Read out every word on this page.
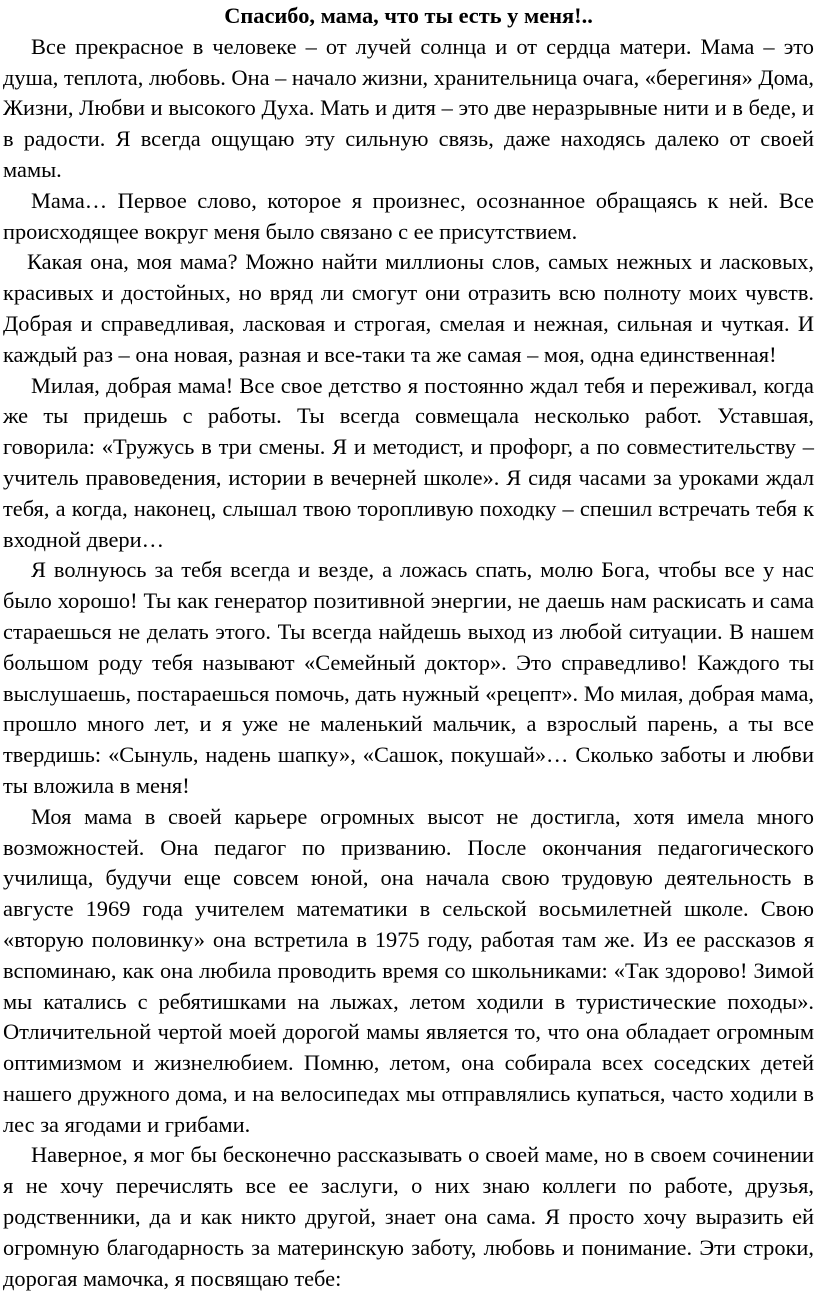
Спасибо, мама, что ты есть у меня!..

Все прекрасное в человеке – от лучей солнца и от сердца матери. Мама – это душа, теплота, любовь. Она – начало жизни, хранительница очага, «берегиня» Дома, Жизни, Любви и высокого Духа. Мать и дитя – это две неразрывные нити и в беде, и в радости. Я всегда ощущаю эту сильную связь, даже находясь далеко от своей мамы.

Мама… Первое слово, которое я произнес, осознанное обращаясь к ней. Все происходящее вокруг меня было связано с ее присутствием.

Какая она, моя мама? Можно найти миллионы слов, самых нежных и ласковых, красивых и достойных, но вряд ли смогут они отразить всю полноту моих чувств. Добрая и справедливая, ласковая и строгая, смелая и нежная, сильная и чуткая. И каждый раз – она новая, разная и все-таки та же самая – моя, одна единственная!

Милая, добрая мама! Все свое детство я постоянно ждал тебя и переживал, когда же ты придешь с работы. Ты всегда совмещала несколько работ. Уставшая, говорила: «Тружусь в три смены. Я и методист, и профорг, а по совместительству – учитель правоведения, истории в вечерней школе». Я сидя часами за уроками ждал тебя, а когда, наконец, слышал твою торопливую походку – спешил встречать тебя к входной двери…

Я волнуюсь за тебя всегда и везде, а ложась спать, молю Бога, чтобы все у нас было хорошо! Ты как генератор позитивной энергии, не даешь нам раскисать и сама стараешься не делать этого. Ты всегда найдешь выход из любой ситуации. В нашем большом роду тебя называют «Семейный доктор». Это справедливо! Каждого ты выслушаешь, постараешься помочь, дать нужный «рецепт». Мо милая, добрая мама, прошло много лет, и я уже не маленький мальчик, а взрослый парень, а ты все твердишь: «Сынуль, надень шапку», «Сашок, покушай»… Сколько заботы и любви ты вложила в меня!

Моя мама в своей карьере огромных высот не достигла, хотя имела много возможностей. Она педагог по призванию. После окончания педагогического училища, будучи еще совсем юной, она начала свою трудовую деятельность в августе 1969 года учителем математики в сельской восьмилетней школе. Свою «вторую половинку» она встретила в 1975 году, работая там же. Из ее рассказов я вспоминаю, как она любила проводить время со школьниками: «Так здорово! Зимой мы катались с ребятишками на лыжах, летом ходили в туристические походы». Отличительной чертой моей дорогой мамы является то, что она обладает огромным оптимизмом и жизнелюбием. Помню, летом, она собирала всех соседских детей нашего дружного дома, и на велосипедах мы отправлялись купаться, часто ходили в лес за ягодами и грибами.

Наверное, я мог бы бесконечно рассказывать о своей маме, но в своем сочинении я не хочу перечислять все ее заслуги, о них знаю коллеги по работе, друзья, родственники, да и как никто другой, знает она сама. Я просто хочу выразить ей огромную благодарность за материнскую заботу, любовь и понимание. Эти строки, дорогая мамочка, я посвящаю тебе:
